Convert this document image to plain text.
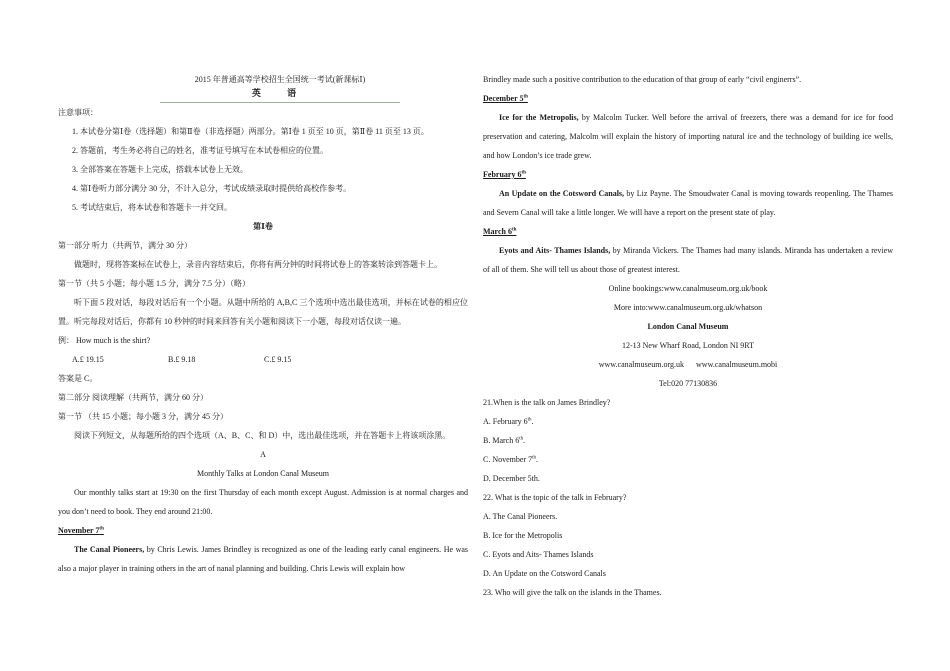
2015 年普通高等学校招生全国统一考试(新课标Ⅰ)
英 语
注意事项：
1. 本试卷分第Ⅰ卷（选择题）和第Ⅱ卷（非选择题）两部分。第Ⅰ卷 1 页至 10 页，第Ⅱ卷 11 页至 13 页。
2. 答题前，考生务必将自己的姓名，准考证号填写在本试卷相应的位置。
3. 全部答案在答题卡上完成，搭载本试卷上无效。
4. 第Ⅰ卷听力部分满分 30 分，不计入总分，考试成绩录取时提供给高校作参考。
5. 考试结束后，将本试卷和答题卡一并交回。
第Ⅰ卷
第一部分 听力（共两节，满分 30 分）
做题时，现将答案标在试卷上，录音内容结束后，你将有两分钟的时间将试卷上的答案转涂到答题卡上。
第一节（共 5 小题；每小题 1.5 分，满分 7.5 分）（略）
听下面 5 段对话，每段对话后有一个小题。从题中所给的 A,B,C 三个选项中选出最佳选项，并标在试卷的相应位置。听完每段对话后，你都有 10 秒钟的时间来回答有关小题和阅读下一小题，每段对话仅读一遍。
例： How much is the shirt?
A.£ 19.15	B.£ 9.18	C.£ 9.15
答案是 C。
第二部分 阅读理解（共两节，满分 60 分）
第一节 （共 15 小题；每小题 3 分，满分 45 分）
阅读下列短文，从每题所给的四个选项（A、B、C、和 D）中，选出最佳选项，并在答题卡上将该项涂黑。
A
Monthly Talks at London Canal Museum
Our monthly talks start at 19:30 on the first Thursday of each month except August. Admission is at normal charges and you don’t need to book. They end around 21:00.
November 7th
The Canal Pioneers, by Chris Lewis. James Brindley is recognized as one of the leading early canal engineers. He was also a major player in training others in the art of nanal planning and building. Chris Lewis will explain how
Brindley made such a positive contribution to the education of that group of early “civil enginerrs”.
December 5th
Ice for the Metropolis, by Malcolm Tucker. Well before the arrival of freezers, there was a demand for ice for food preservation and catering, Malcolm will explain the history of importing natural ice and the technology of building ice wells, and how London’s ice trade grew.
February 6th
An Update on the Cotsword Canals, by Liz Payne. The Smoudwater Canal is moving towards reopenling. The Thames and Severn Canal will take a little longer. We will have a report on the present state of play.
March 6th
Eyots and Aits- Thames Islands, by Miranda Vickers. The Thames had many islands. Miranda has undertaken a review of all of them. She will tell us about those of greatest interest.
Online bookings:www.canalmuseum.org.uk/book
More into:www.canalmuseum.org.uk/whatson
London Canal Museum
12-13 New Wharf Road, London NI 9RT
www.canalmuseum.org.uk www.canalmuseum.mobi
Tel:020 77130836
21.When is the talk on James Brindley?
A. February 6th.
B. March 6th.
C. November 7th.
D. December 5th.
22. What is the topic of the talk in February?
A. The Canal Pioneers.
B. Ice for the Metropolis
C. Eyots and Aits- Thames Islands
D. An Update on the Cotsword Canals
23. Who will give the talk on the islands in the Thames.
